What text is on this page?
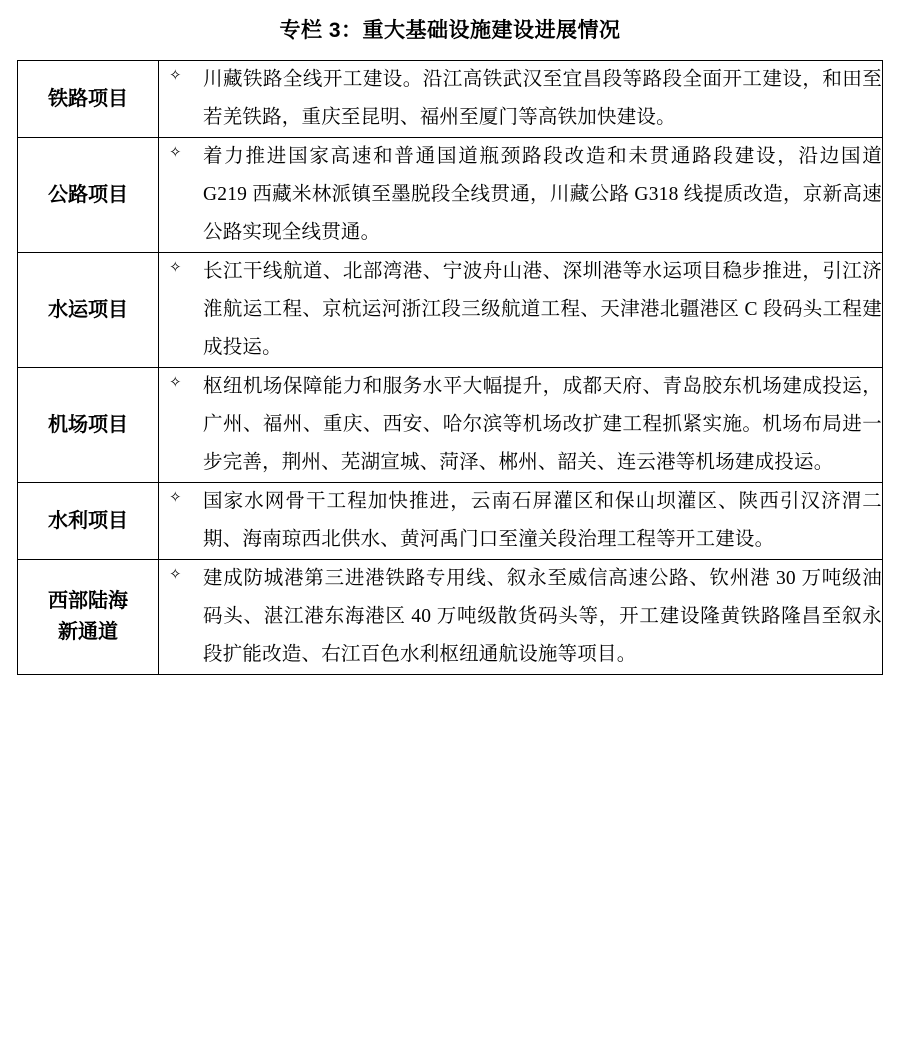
专栏 3：重大基础设施建设进展情况
铁路项目	✧ 川藏铁路全线开工建设。沿江高铁武汉至宜昌段等路段全面开工建设，和田至若羌铁路，重庆至昆明、福州至厦门等高铁加快建设。

公路项目	✧ 着力推进国家高速和普通国道瓶颈路段改造和未贯通路段建设，沿边国道 G219 西藏米林派镇至墨脱段全线贯通，川藏公路 G318 线提质改造，京新高速公路实现全线贯通。

水运项目	✧ 长江干线航道、北部湾港、宁波舟山港、深圳港等水运项目稳步推进，引江济淮航运工程、京杭运河浙江段三级航道工程、天津港北疆港区 C 段码头工程建成投运。

机场项目	✧ 枢纽机场保障能力和服务水平大幅提升，成都天府、青岛胶东机场建成投运，广州、福州、重庆、西安、哈尔滨等机场改扩建工程抓紧实施。机场布局进一步完善，荆州、芜湖宣城、菏泽、郴州、韶关、连云港等机场建成投运。

水利项目	✧ 国家水网骨干工程加快推进，云南石屏灌区和保山坝灌区、陕西引汉济渭二期、海南琼西北供水、黄河禹门口至潼关段治理工程等开工建设。

西部陆海
新通道	✧ 建成防城港第三进港铁路专用线、叙永至威信高速公路、钦州港 30 万吨级油码头、湛江港东海港区 40 万吨级散货码头等，开工建设隆黄铁路隆昌至叙永段扩能改造、右江百色水利枢纽通航设施等项目。
